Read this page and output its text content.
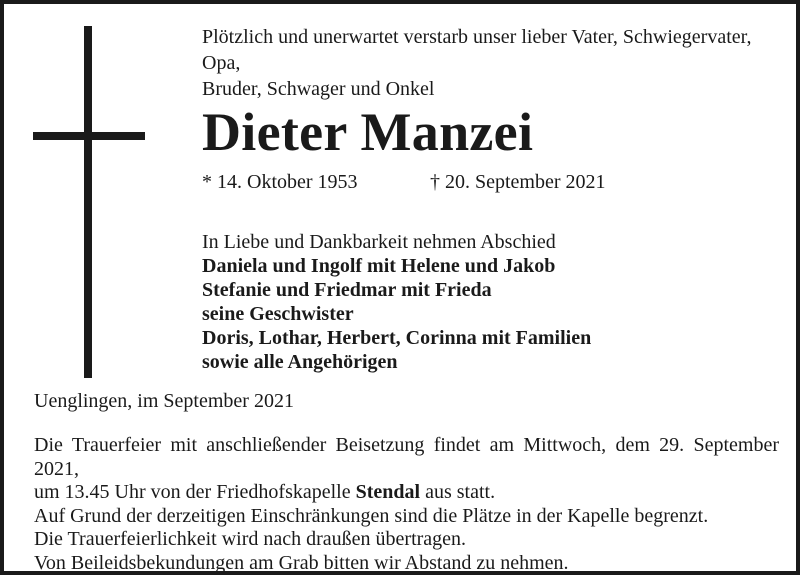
Plötzlich und unerwartet verstarb unser lieber Vater, Schwiegervater, Opa,
Bruder, Schwager und Onkel
Dieter Manzei
* 14. Oktober 1953	† 20. September 2021
In Liebe und Dankbarkeit nehmen Abschied
Daniela und Ingolf mit Helene und Jakob
Stefanie und Friedmar mit Frieda
seine Geschwister
Doris, Lothar, Herbert, Corinna mit Familien
sowie alle Angehörigen
Uenglingen, im September 2021
Die Trauerfeier mit anschließender Beisetzung findet am Mittwoch, dem 29. September 2021,
um 13.45 Uhr von der Friedhofskapelle Stendal aus statt.
Auf Grund der derzeitigen Einschränkungen sind die Plätze in der Kapelle begrenzt.
Die Trauerfeierlichkeit wird nach draußen übertragen.
Von Beileidsbekundungen am Grab bitten wir Abstand zu nehmen.
